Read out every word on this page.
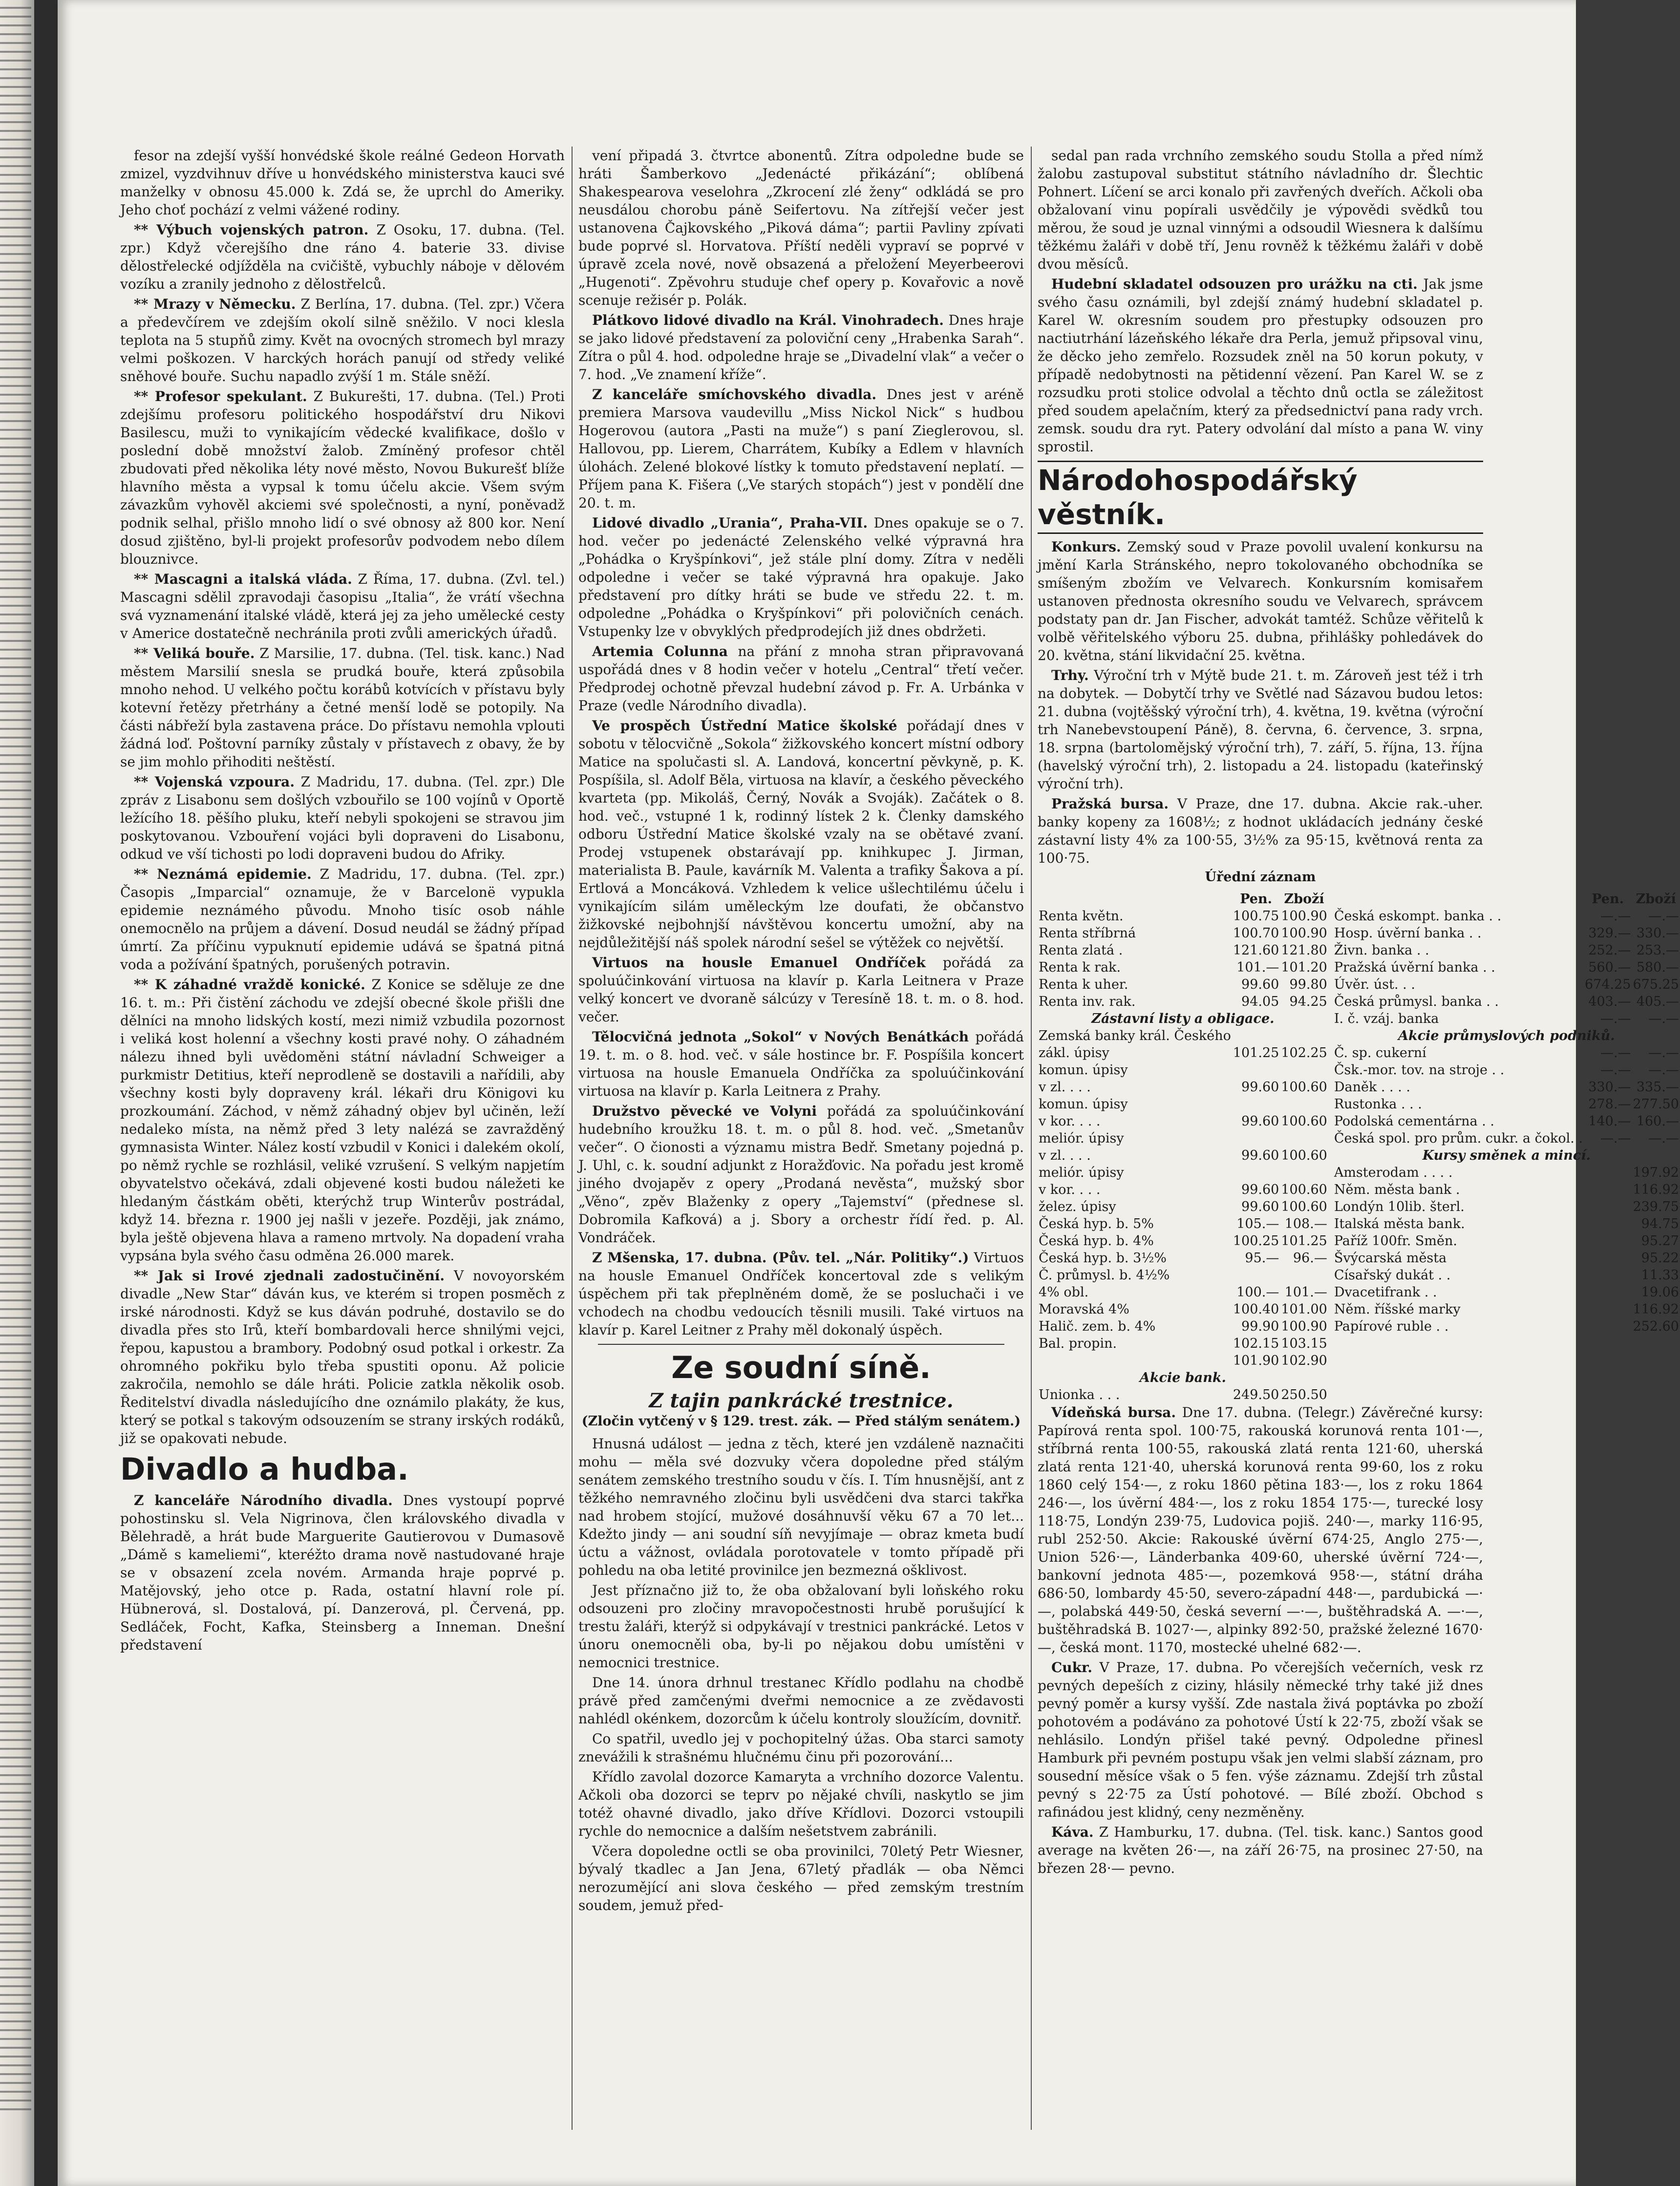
fesor na zdejší vyšší honvédské škole reálné Gedeon Horvath zmizel, vyzdvihnuv dříve u honvédského ministerstva kauci své manželky v obnosu 45.000 k. Zdá se, že uprchl do Ameriky. Jeho choť pochází z velmi vážené rodiny.

** Výbuch vojenských patron. Z Osoku, 17. dubna. (Tel. zpr.) Když včerejšího dne ráno 4. baterie 33. divise dělostřelecké odjížděla na cvičiště, vybuchly náboje v dělovém vozíku a zranily jednoho z dělostřelců.

** Mrazy v Německu. Z Berlína, 17. dubna. (Tel. zpr.) Včera a předevčírem ve zdejším okolí silně sněžilo. V noci klesla teplota na 5 stupňů zimy. Květ na ovocných stromech byl mrazy velmi poškozen. V harckých horách panují od středy veliké sněhové bouře. Suchu napadlo zvýší 1 m. Stále sněží.

** Profesor spekulant. Z Bukurešti, 17. dubna. (Tel.) Proti zdejšímu profesoru politického hospodářství dru Nikovi Basilescu, muži to vynikajícím vědecké kvalifikace, došlo v poslední době množství žalob. Zmíněný profesor chtěl zbudovati před několika léty nové město, Novou Bukurešť blíže hlavního města a vypsal k tomu účelu akcie. Všem svým závazkům vyhověl akciemi své společnosti, a nyní, poněvadž podnik selhal, přišlo mnoho lidí o své obnosy až 800 kor. Není dosud zjištěno, byl-li projekt profesorův podvodem nebo dílem blouznivce.

** Mascagni a italská vláda. Z Říma, 17. dubna. (Zvl. tel.) Mascagni sdělil zpravodaji časopisu „Italia“, že vrátí všechna svá vyznamenání italské vládě, která jej za jeho umělecké cesty v Americe dostatečně nechránila proti zvůli amerických úřadů.

** Veliká bouře. Z Marsilie, 17. dubna. (Tel. tisk. kanc.) Nad městem Marsilií snesla se prudká bouře, která způsobila mnoho nehod. U velkého počtu korábů kotvících v přístavu byly kotevní řetězy přetrhány a četné menší lodě se potopily. Na části nábřeží byla zastavena práce. Do přístavu nemohla vplouti žádná loď. Poštovní parníky zůstaly v přístavech z obavy, že by se jim mohlo přihoditi neštěstí.

** Vojenská vzpoura. Z Madridu, 17. dubna. (Tel. zpr.) Dle zpráv z Lisabonu sem došlých vzbouřilo se 100 vojínů v Oportě ležícího 18. pěšího pluku, kteří nebyli spokojeni se stravou jim poskytovanou. Vzbouření vojáci byli dopraveni do Lisabonu, odkud ve vší tichosti po lodi dopraveni budou do Afriky.

** Neznámá epidemie. Z Madridu, 17. dubna. (Tel. zpr.) Časopis „Imparcial“ oznamuje, že v Barcelonë vypukla epidemie neznámého původu. Mnoho tisíc osob náhle onemocnělo na průjem a dávení. Dosud neudál se žádný případ úmrtí. Za příčinu vypuknutí epidemie udává se špatná pitná voda a požívání špatných, porušených potravin.

** K záhadné vraždě konické. Z Konice se sděluje ze dne 16. t. m.: Při čistění záchodu ve zdejší obecné škole přišli dne dělníci na mnoho lidských kostí, mezi nimiž vzbudila pozornost i veliká kost holenní a všechny kosti pravé nohy. O záhadném nálezu ihned byli uvědoměni státní návladní Schweiger a purkmistr Detitius, kteří neprodleně se dostavili a nařídili, aby všechny kosti byly dopraveny král. lékaři dru Königovi ku prozkoumání. Záchod, v němž záhadný objev byl učiněn, leží nedaleko místa, na němž před 3 lety nalézá se zavražděný gymnasista Winter. Nález kostí vzbudil v Konici i dalekém okolí, po němž rychle se rozhlásil, veliké vzrušení. S velkým napjetím obyvatelstvo očekává, zdali objevené kosti budou náležeti ke hledaným částkám oběti, kterýchž trup Winterův postrádal, když 14. března r. 1900 jej našli v jezeře. Později, jak známo, byla ještě objevena hlava a rameno mrtvoly. Na dopadení vraha vypsána byla svého času odměna 26.000 marek.

** Jak si Irové zjednali zadostučinění. V novoyorském divadle „New Star“ dáván kus, ve kterém si tropen posměch z irské národnosti. Když se kus dáván podruhé, dostavilo se do divadla přes sto Irů, kteří bombardovali herce shnilými vejci, řepou, kapustou a brambory. Podobný osud potkal i orkestr. Za ohromného pokřiku bylo třeba spustiti oponu. Až policie zakročila, nemohlo se dále hráti. Policie zatkla několik osob. Ředitelství divadla následujícího dne oznámilo plakáty, že kus, který se potkal s takovým odsouzením se strany irských rodáků, již se opakovati nebude.

Divadlo a hudba.

Z kanceláře Národního divadla. Dnes vystoupí poprvé pohostinsku sl. Vela Nigrinova, člen královského divadla v Bělehradě, a hrát bude Marguerite Gautierovou v Dumasově „Dámě s kameliemi“, kteréžto drama nově nastudované hraje se v obsazení zcela novém. Armanda hraje poprvé p. Matějovský, jeho otce p. Rada, ostatní hlavní role pí. Hübnerová, sl. Dostalová, pí. Danzerová, pl. Červená, pp. Sedláček, Focht, Kafka, Steinsberg a Inneman. Dnešní představení

vení připadá 3. čtvrtce abonentů. Zítra odpoledne bude se hráti Šamberkovo „Jedenácté přikázání“; oblíbená Shakespearova veselohra „Zkrocení zlé ženy“ odkládá se pro neusdálou chorobu páně Seifertovu. Na zítřejší večer jest ustanovena Čajkovského „Piková dáma“; partii Pavliny zpívati bude poprvé sl. Horvatova. Příští neděli vypraví se poprvé v úpravě zcela nové, nově obsazená a přeložení Meyerbeerovi „Hugenoti“. Zpěvohru studuje chef opery p. Kovařovic a nově scenuje režisér p. Polák.

Plátkovo lidové divadlo na Král. Vinohradech. Dnes hraje se jako lidové představení za poloviční ceny „Hrabenka Sarah“. Zítra o půl 4. hod. odpoledne hraje se „Divadelní vlak“ a večer o 7. hod. „Ve znamení kříže“.

Z kanceláře smíchovského divadla. Dnes jest v aréně premiera Marsova vaudevillu „Miss Nickol Nick“ s hudbou Hogerovou (autora „Pasti na muže“) s paní Zieglerovou, sl. Hallovou, pp. Lierem, Charrátem, Kubíky a Edlem v hlavních úlohách. Zelené blokové lístky k tomuto představení neplatí. — Příjem pana K. Fišera („Ve starých stopách“) jest v pondělí dne 20. t. m.

Lidové divadlo „Urania“, Praha-VII. Dnes opakuje se o 7. hod. večer po jedenácté Zelenského velké výpravná hra „Pohádka o Kryšpínkovi“, jež stále plní domy. Zítra v neděli odpoledne i večer se také výpravná hra opakuje. Jako představení pro dítky hráti se bude ve středu 22. t. m. odpoledne „Pohádka o Kryšpínkovi“ při polovičních cenách. Vstupenky lze v obvyklých předprodejích již dnes obdržeti.

Artemia Colunna na přání z mnoha stran připravovaná uspořádá dnes v 8 hodin večer v hotelu „Central“ třetí večer. Předprodej ochotně převzal hudební závod p. Fr. A. Urbánka v Praze (vedle Národního divadla).

Ve prospěch Ústřední Matice školské pořádají dnes v sobotu v tělocvičně „Sokola“ žižkovského koncert místní odbory Matice na spolučasti sl. A. Landová, koncertní pěvkyně, p. K. Pospíšila, sl. Adolf Běla, virtuosa na klavír, a českého pěveckého kvarteta (pp. Mikoláš, Černý, Novák a Svoják). Začátek o 8. hod. več., vstupné 1 k, rodinný lístek 2 k. Členky damského odboru Ústřední Matice školské vzaly na se obětavé zvaní. Prodej vstupenek obstarávají pp. knihkupec J. Jirman, materialista B. Paule, kavárník M. Valenta a trafiky Šakova a pí. Ertlová a Moncáková. Vzhledem k velice ušlechtilému účelu i vynikajícím silám uměleckým lze doufati, že občanstvo žižkovské nejbohnjší návštěvou koncertu umožní, aby na nejdůležitější náš spolek národní sešel se výtěžek co největší.

Virtuos na housle Emanuel Ondříček pořádá za spoluúčinkování virtuosa na klavír p. Karla Leitnera v Praze velký koncert ve dvoraně sálcúzy v Teresíně 18. t. m. o 8. hod. večer.

Tělocvičná jednota „Sokol“ v Nových Benátkách pořádá 19. t. m. o 8. hod. več. v sále hostince br. F. Pospíšila koncert virtuosa na housle Emanuela Ondříčka za spoluúčinkování virtuosa na klavír p. Karla Leitnera z Prahy.

Družstvo pěvecké ve Volyni pořádá za spoluúčinkování hudebního kroužku 18. t. m. o půl 8. hod. več. „Smetanův večer“. O čionosti a významu mistra Bedř. Smetany pojedná p. J. Uhl, c. k. soudní adjunkt z Horažďovic. Na pořadu jest kromě jiného dvojapěv z opery „Prodaná nevěsta“, mužský sbor „Věno“, zpěv Blaženky z opery „Tajemství“ (přednese sl. Dobromila Kafková) a j. Sbory a orchestr řídí řed. p. Al. Vondráček.

Z Mšenska, 17. dubna. (Pův. tel. „Nár. Politiky“.) Virtuos na housle Emanuel Ondříček koncertoval zde s velikým úspěchem při tak přeplněném domě, že se posluchači i ve vchodech na chodbu vedoucích těsnili musili. Také virtuos na klavír p. Karel Leitner z Prahy měl dokonalý úspěch.

Ze soudní síně.
Z tajin pankrácké trestnice.
(Zločin vytčený v § 129. trest. zák. — Před stálým senátem.)

Hnusná událost — jedna z těch, které jen vzdáleně naznačiti mohu — měla své dozvuky včera dopoledne před stálým senátem zemského trestního soudu v čís. I. Tím hnusnější, ant z těžkého nemravného zločinu byli usvědčeni dva starci takřka nad hrobem stojící, mužové dosáhnuvší věku 67 a 70 let... Kdežto jindy — ani soudní síň nevyjímaje — obraz kmeta budí úctu a vážnost, ovládala porotovatele v tomto případě při pohledu na oba letité provinilce jen bezmezná ošklivost.

Jest příznačno již to, že oba obžalovaní byli loňského roku odsouzeni pro zločiny mravopočestnosti hrubě porušující k trestu žaláři, kterýž si odpykávají v trestnici pankrácké. Letos v únoru onemocněli oba, by-li po nějakou dobu umístěni v nemocnici trestnice.

Dne 14. února drhnul trestanec Křídlo podlahu na chodbě právě před zamčenými dveřmi nemocnice a ze zvědavosti nahlédl okénkem, dozorcům k účelu kontroly sloužícím, dovnitř.

Co spatřil, uvedlo jej v pochopitelný úžas. Oba starci samoty znevážili k strašnému hlučnému činu při pozorování...

Křídlo zavolal dozorce Kamaryta a vrchního dozorce Valentu. Ačkoli oba dozorci se teprv po nějaké chvíli, naskytlo se jim totéž ohavné divadlo, jako dříve Křídlovi. Dozorci vstoupili rychle do nemocnice a dalším nešetstvem zabránili.

Včera dopoledne octli se oba provinilci, 70letý Petr Wiesner, bývalý tkadlec a Jan Jena, 67letý přadlák — oba Němci nerozumějící ani slova českého — před zemským trestním soudem, jemuž před-

sedal pan rada vrchního zemského soudu Stolla a před nímž žalobu zastupoval substitut státního návladního dr. Šlechtic Pohnert. Líčení se arci konalo při zavřených dveřích. Ačkoli oba obžalovaní vinu popírali usvědčily je výpovědi svědků tou měrou, že soud je uznal vinnými a odsoudil Wiesnera k dalšímu těžkému žaláři v době tří, Jenu rovněž k těžkému žaláři v době dvou měsíců.

Hudební skladatel odsouzen pro urážku na cti. Jak jsme svého času oznámili, byl zdejší známý hudební skladatel p. Karel W. okresním soudem pro přestupky odsouzen pro nactiutrhání lázeňského lékaře dra Perla, jemuž připsoval vinu, že děcko jeho zemřelo. Rozsudek zněl na 50 korun pokuty, v případě nedobytnosti na pětidenní vězení. Pan Karel W. se z rozsudku proti stolice odvolal a těchto dnů octla se záležitost před soudem apelačním, který za předsednictví pana rady vrch. zemsk. soudu dra ryt. Patery odvolání dal místo a pana W. viny sprostil.

Národohospodářský věstník.

Konkurs. Zemský soud v Praze povolil uvalení konkursu na jmění Karla Stránského, nepro tokolovaného obchodníka se smíšeným zbožím ve Velvarech. Konkursním komisařem ustanoven přednosta okresního soudu ve Velvarech, správcem podstaty pan dr. Jan Fischer, advokát tamtéž. Schůze věřitelů k volbě věřitelského výboru 25. dubna, přihlášky pohledávek do 20. května, stání likvidační 25. května.

Trhy. Výroční trh v Mýtě bude 21. t. m. Zároveň jest též i trh na dobytek. — Dobytčí trhy ve Světlé nad Sázavou budou letos: 21. dubna (vojtěšský výroční trh), 4. května, 19. května (výroční trh Nanebevstoupení Páně), 8. června, 6. července, 3. srpna, 18. srpna (bartolomějský výroční trh), 7. září, 5. října, 13. října (havelský výroční trh), 2. listopadu a 24. listopadu (kateřinský výroční trh).

Pražská bursa. V Praze, dne 17. dubna. Akcie rak.-uher. banky kopeny za 1608½; z hodnot ukládacích jednány české zástavní listy 4% za 100·55, 3½% za 95·15, květnová renta za 100·75.

Úřední záznam
	Pen.	Zboží
Renta květn.	100.75	100.90
Renta stříbrná	100.70	100.90
Renta zlatá .	121.60	121.80
Renta k rak.	101.—	101.20
Renta k uher.	99.60	99.80
Renta inv. rak.	94.05	94.25
Zástavní listy a obligace.		
Zemská banky král. Českého		
zákl. úpisy	101.25	102.25
komun. úpisy		
v zl. . . .	99.60	100.60
komun. úpisy		
v kor. . . .	99.60	100.60
meliór. úpisy		
v zl. . . .	99.60	100.60
meliór. úpisy		
v kor. . . .	99.60	100.60
želez. úpisy	99.60	100.60
Česká hyp. b. 5%	105.—	108.—
Česká hyp. b. 4%	100.25	101.25
Česká hyp. b. 3½%	95.—	96.—
Č. průmysl. b. 4½%		
4% obl.	100.—	101.—
Moravská 4%	100.40	101.00
Halič. zem. b. 4%	99.90	100.90
Bal. propin.	102.15	103.15
	101.90	102.90
Akcie bank.		
Unionka . . .	249.50	250.50
	Pen.	Zboží
Česká eskompt. banka . .	—.—	—.—
Hosp. úvěrní banka . .	329.—	330.—
Živn. banka . .	252.—	253.—
Pražská úvěrní banka . .	560.—	580.—
Úvěr. úst. . .	674.25	675.25
Česká průmysl. banka . .	403.—	405.—
I. č. vzáj. banka	—.—	—.—
Akcie průmyslových podniků.		
Č. sp. cukerní	—.—	—.—
Čsk.-mor. tov. na stroje . .	—.—	—.—
Daněk . . . .	330.—	335.—
Rustonka . . .	278.—	277.50
Podolská cementárna . .	140.—	160.—
Česká spol. pro prům. cukr. a čokol. .	—.—	—.—
Kursy směnek a mincí.		
Amsterodam . . . .		197.92
Něm. města bank .		116.92
Londýn 10lib. šterl.		239.75
Italská města bank.		94.75
Paříž 100fr. Směn.		95.27
Švýcarská města		95.22
Císařský dukát . .		11.33
Dvacetifrank . .		19.06
Něm. říšské marky		116.92
Papírové ruble . .		252.60

Vídeňská bursa. Dne 17. dubna. (Telegr.) Závěrečné kursy: Papírová renta spol. 100·75, rakouská korunová renta 101·—, stříbrná renta 100·55, rakouská zlatá renta 121·60, uherská zlatá renta 121·40, uherská korunová renta 99·60, los z roku 1860 celý 154·—, z roku 1860 pětina 183·—, los z roku 1864 246·—, los úvěrní 484·—, los z roku 1854 175·—, turecké losy 118·75, Londýn 239·75, Ludovica pojiš. 240·—, marky 116·95, rubl 252·50. Akcie: Rakouské úvěrní 674·25, Anglo 275·—, Union 526·—, Länderbanka 409·60, uherské úvěrní 724·—, bankovní jednota 485·—, pozemková 958·—, státní dráha 686·50, lombardy 45·50, severo-západní 448·—, pardubická —·—, polabská 449·50, česká severní —·—, buštěhradská A. —·—, buštěhradská B. 1027·—, alpinky 892·50, pražské železné 1670·—, česká mont. 1170, mostecké uhelné 682·—.

Cukr. V Praze, 17. dubna. Po včerejších večerních, vesk rz pevných depeších z ciziny, hlásily německé trhy také již dnes pevný poměr a kursy vyšší. Zde nastala živá poptávka po zboží pohotovém a podáváno za pohotové Ústí k 22·75, zboží však se nehlásilo. Londýn přišel také pevný. Odpoledne přinesl Hamburk při pevném postupu však jen velmi slabší záznam, pro sousední měsíce však o 5 fen. výše záznamu. Zdejší trh zůstal pevný s 22·75 za Ústí pohotové. — Bílé zboží. Obchod s rafinádou jest klidný, ceny nezměněny.

Káva. Z Hamburku, 17. dubna. (Tel. tisk. kanc.) Santos good average na květen 26·—, na září 26·75, na prosinec 27·50, na březen 28·— pevno.
